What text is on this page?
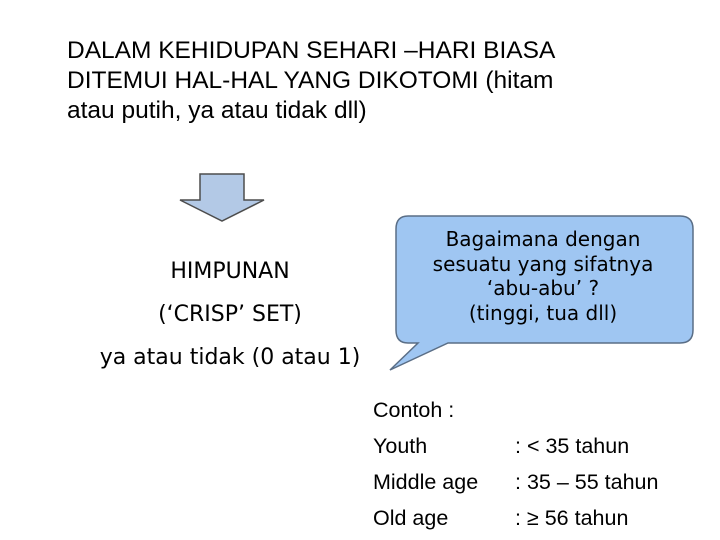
DALAM KEHIDUPAN SEHARI –HARI BIASA
DITEMUI HAL-HAL YANG DIKOTOMI (hitam
atau putih, ya atau tidak dll)
HIMPUNAN
(‘CRISP’ SET)
ya atau tidak (0 atau 1)
Bagaimana dengan
sesuatu yang sifatnya
‘abu-abu’ ?
(tinggi, tua dll)
Contoh :
Youth	: < 35 tahun
Middle age	: 35 – 55 tahun
Old age	: ≥ 56 tahun
